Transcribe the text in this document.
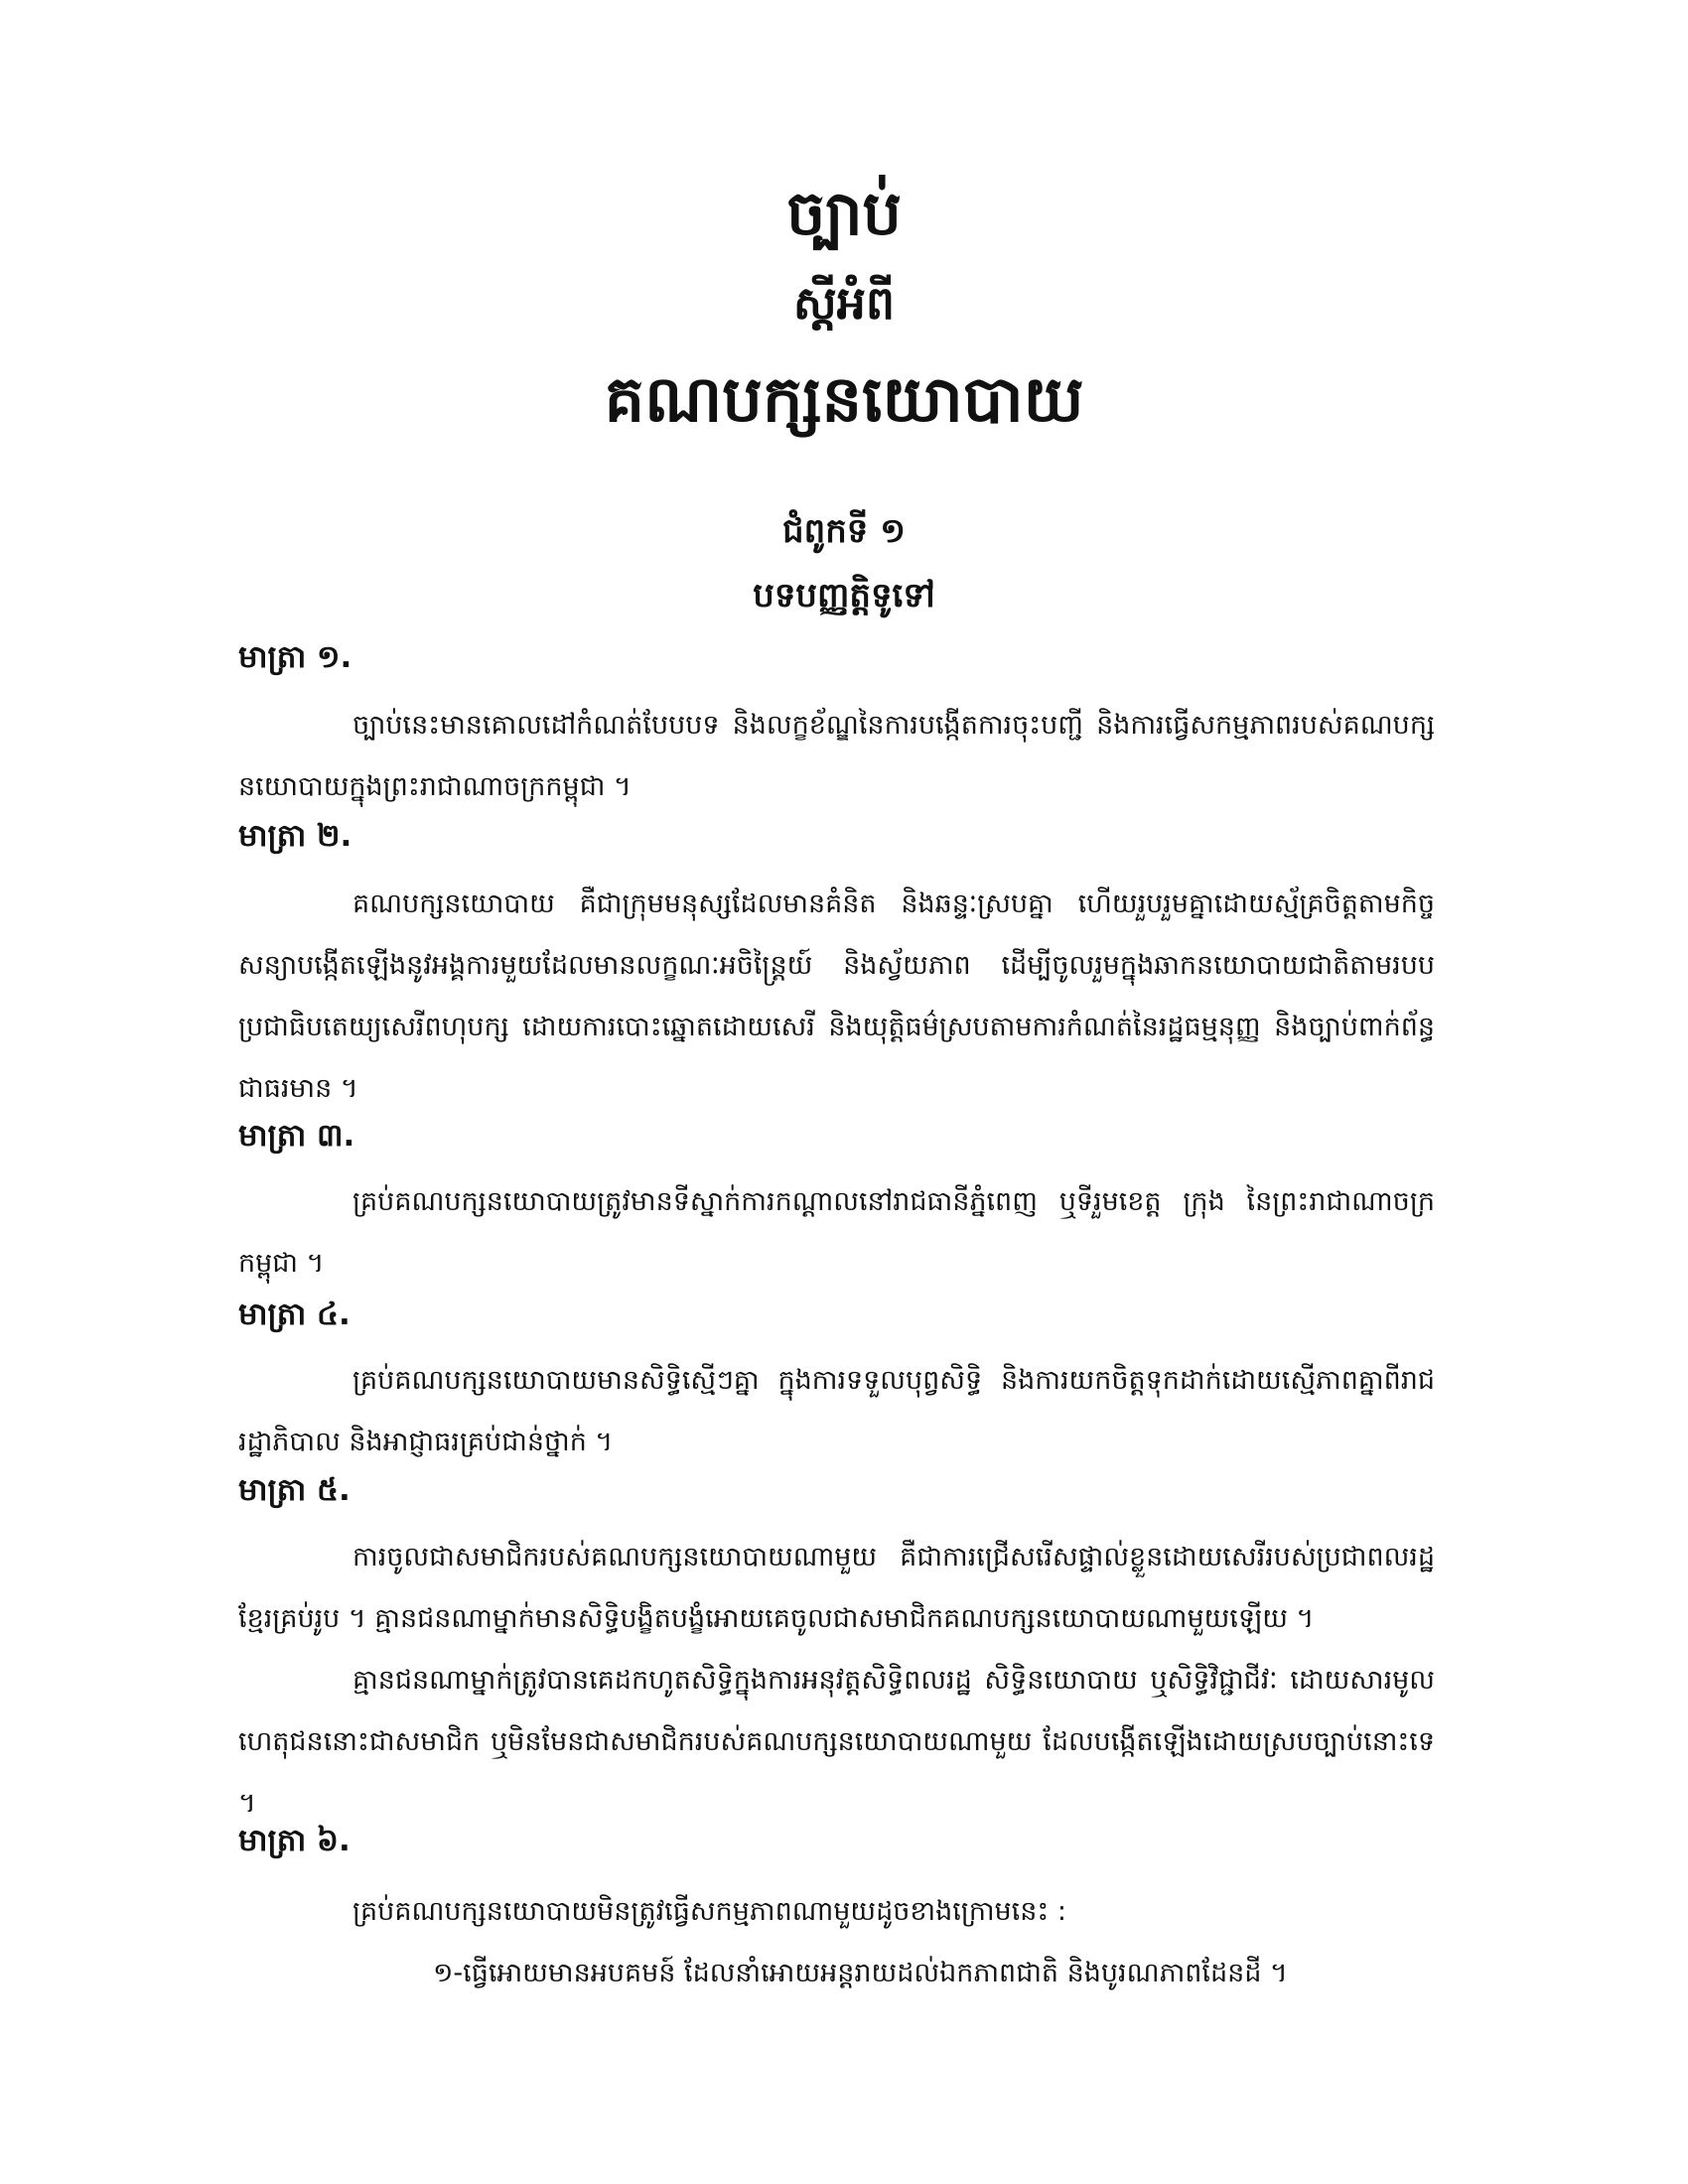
ច្បាប់
ស្តីអំពី
គណបក្សនយោបាយ
ជំពូកទី ១
បទបញ្ញត្តិទូទៅ
មាត្រា ១.

ច្បាប់នេះមានគោលដៅកំណត់បែបបទ និងលក្ខខ័ណ្ឌនៃការបង្កើតការចុះបញ្ជី និងការធ្វើសកម្មភាពរបស់គណបក្សនយោបាយក្នុងព្រះរាជាណាចក្រកម្ពុជា ។

មាត្រា ២.

គណបក្សនយោបាយ គឺជាក្រុមមនុស្សដែលមានគំនិត និងឆន្ទៈស្របគ្នា ហើយរួបរួមគ្នាដោយស្ម័គ្រចិត្តតាមកិច្ចសន្យាបង្កើតឡើងនូវអង្គការមួយដែលមានលក្ខណៈអចិន្ត្រៃយ៍ និងស្វ័យភាព ដើម្បីចូលរួមក្នុងឆាកនយោបាយជាតិតាមរបបប្រជាធិបតេយ្យសេរីពហុបក្ស ដោយការបោះឆ្នោតដោយសេរី និងយុត្តិធម៌ស្របតាមការកំណត់នៃរដ្ឋធម្មនុញ្ញ និងច្បាប់ពាក់ព័ន្ធជាធរមាន ។

មាត្រា ៣.

គ្រប់គណបក្សនយោបាយត្រូវមានទីស្នាក់ការកណ្តាលនៅរាជធានីភ្នំពេញ ឬទីរួមខេត្ត ក្រុង នៃព្រះរាជាណាចក្រកម្ពុជា ។

មាត្រា ៤.

គ្រប់គណបក្សនយោបាយមានសិទ្ធិស្មើៗគ្នា ក្នុងការទទួលបុព្វសិទ្ធិ និងការយកចិត្តទុកដាក់ដោយស្មើភាពគ្នាពីរាជរដ្ឋាភិបាល និងអាជ្ញាធរគ្រប់ជាន់ថ្នាក់ ។

មាត្រា ៥.

ការចូលជាសមាជិករបស់គណបក្សនយោបាយណាមួយ គឺជាការជ្រើសរើសផ្ទាល់ខ្លួនដោយសេរីរបស់ប្រជាពលរដ្ឋខ្មែរគ្រប់រូប ។ គ្មានជនណាម្នាក់មានសិទ្ធិបង្ខិតបង្ខំអោយគេចូលជាសមាជិកគណបក្សនយោបាយណាមួយឡើយ ។

គ្មានជនណាម្នាក់ត្រូវបានគេដកហូតសិទ្ធិក្នុងការអនុវត្តសិទ្ធិពលរដ្ឋ សិទ្ធិនយោបាយ ឬសិទ្ធិវិជ្ជាជីវៈ ដោយសារមូលហេតុជននោះជាសមាជិក ឬមិនមែនជាសមាជិករបស់គណបក្សនយោបាយណាមួយ ដែលបង្កើតឡើងដោយស្របច្បាប់នោះទេ ។

មាត្រា ៦.

គ្រប់គណបក្សនយោបាយមិនត្រូវធ្វើសកម្មភាពណាមួយដូចខាងក្រោមនេះ :

១-ធ្វើអោយមានអបគមន៍ ដែលនាំអោយអន្តរាយដល់ឯកភាពជាតិ និងបូរណភាពដែនដី ។
